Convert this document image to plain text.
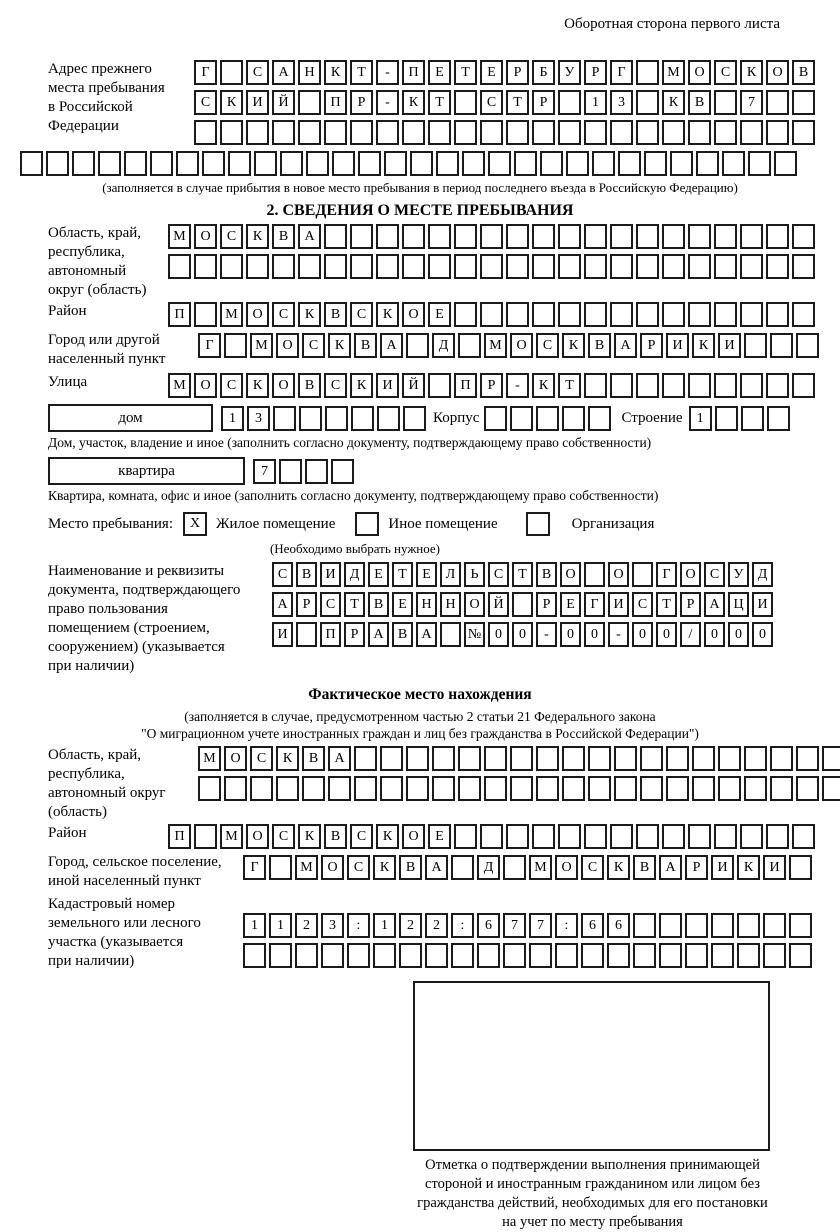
Оборотная сторона первого листа
Адрес прежнего
места пребывания
в Российской
Федерации
Г	С	А	Н	К	Т	-	П	Е	Т	Е	Р	Б	У	Р	Г	М	О	С	К	О	В
С	К	И	Й	П	Р	-	К	Т	С	Т	Р	1	3	К	В	7
(заполняется в случае прибытия в новое место пребывания в период последнего въезда в Российскую Федерацию)
2. СВЕДЕНИЯ О МЕСТЕ ПРЕБЫВАНИЯ
Область, край,
республика,
автономный
округ (область)
М	О	С	К	В	А
Район	П	М	О	С	К	В	С	К	О	Е
Город или другой
населенный пункт
Г	М	О	С	К	В	А	Д	М	О	С	К	В	А	Р	И	К	И
Улица	М	О	С	К	О	В	С	К	И	Й	П	Р	-	К	Т
дом	1	3	Корпус	Строение	1
Дом, участок, владение и иное (заполнить согласно документу, подтверждающему право собственности)
квартира	7
Квартира, комната, офис и иное (заполнить согласно документу, подтверждающему право собственности)
Место пребывания:	X	Жилое помещение	Иное помещение	Организация
(Необходимо выбрать нужное)
Наименование и реквизиты
документа, подтверждающего
право пользования
помещением (строением,
сооружением) (указывается
при наличии)
С	В	И	Д	Е	Т	Е	Л	Ь	С	Т	В	О	О	Г	О	С	У	Д
А	Р	С	Т	В	Е	Н Н О Й	Р	Е	Г	И	С	Т	Р	А Ц И
И	П	Р	А	В	А	№ 0	0	-	0	0	-	0	0	/	0	0	0
Фактическое место нахождения
(заполняется в случае, предусмотренном частью 2 статьи 21 Федерального закона
"О миграционном учете иностранных граждан и лиц без гражданства в Российской Федерации")
Область, край,
республика,
автономный округ
(область)
М	О	С	К	В	А
Район	П	М	О	С	К	В	С	К	О	Е
Город, сельское поселение,
иной населенный пункт
Г	М	О	С	К	В	А	Д	М	О	С	К	В	А	Р	И	К	И
Кадастровый номер
земельного или лесного
участка (указывается
при наличии)
1	1	2	3	:	1	2	2	:	6	7	7	:	6	6
Отметка о подтверждении выполнения принимающей
стороной и иностранным гражданином или лицом без
гражданства действий, необходимых для его постановки
на учет по месту пребывания
